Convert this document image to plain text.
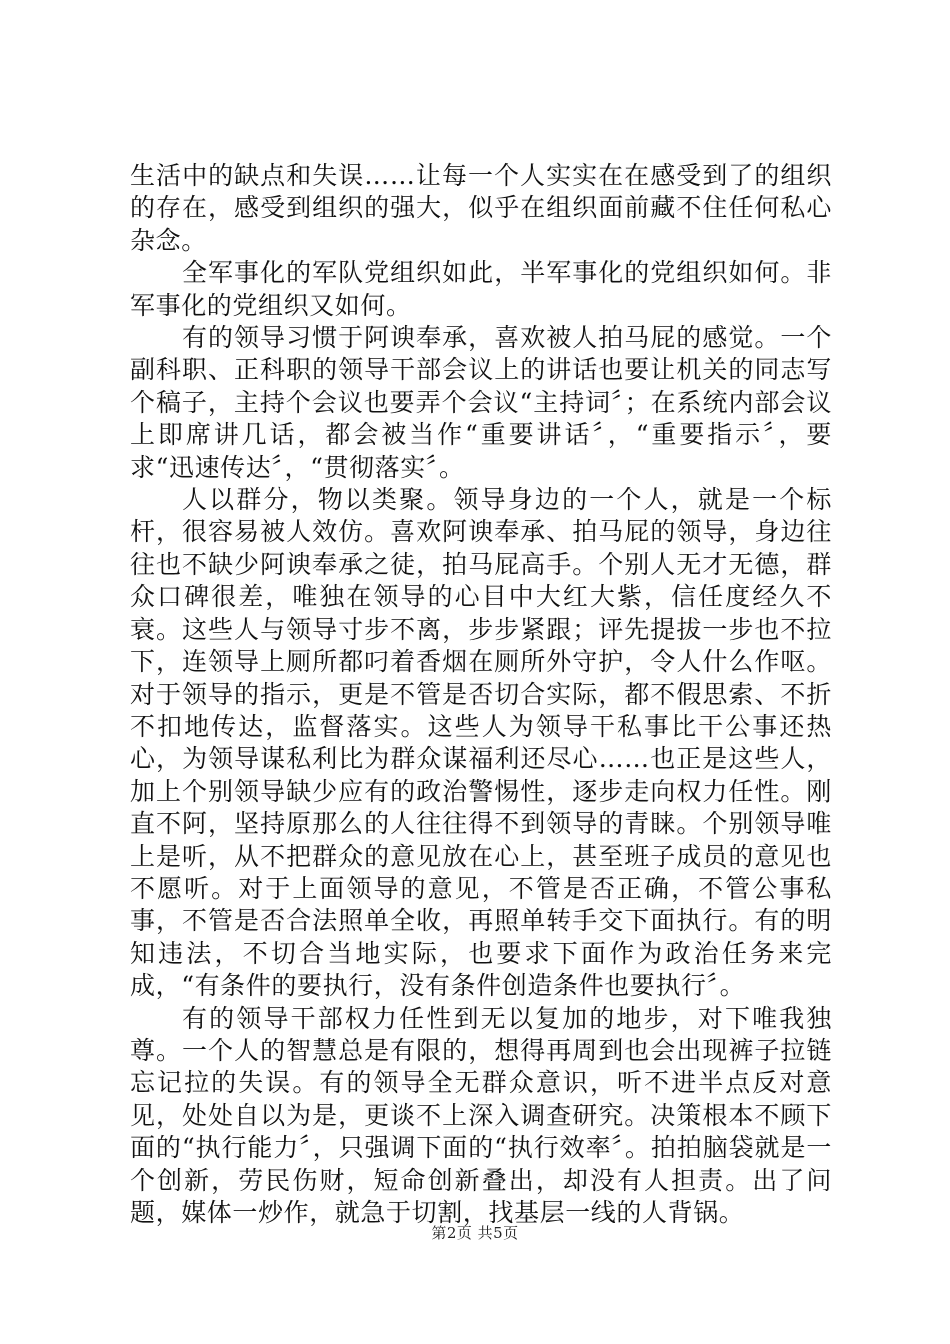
生活中的缺点和失误……让每一个人实实在在感受到了的组织的存在，感受到组织的强大，似乎在组织面前藏不住任何私心杂念。

全军事化的军队党组织如此，半军事化的党组织如何。非军事化的党组织又如何。

有的领导习惯于阿谀奉承，喜欢被人拍马屁的感觉。一个副科职、正科职的领导干部会议上的讲话也要让机关的同志写个稿子，主持个会议也要弄个会议“主持词〞；在系统内部会议上即席讲几话，都会被当作“重要讲话〞，“重要指示〞，要求“迅速传达〞，“贯彻落实〞。

人以群分，物以类聚。领导身边的一个人，就是一个标杆，很容易被人效仿。喜欢阿谀奉承、拍马屁的领导，身边往往也不缺少阿谀奉承之徒，拍马屁高手。个别人无才无德，群众口碑很差，唯独在领导的心目中大红大紫，信任度经久不衰。这些人与领导寸步不离，步步紧跟；评先提拔一步也不拉下，连领导上厕所都叼着香烟在厕所外守护，令人什么作呕。对于领导的指示，更是不管是否切合实际，都不假思索、不折不扣地传达，监督落实。这些人为领导干私事比干公事还热心，为领导谋私利比为群众谋福利还尽心……也正是这些人，加上个别领导缺少应有的政治警惕性，逐步走向权力任性。刚直不阿，坚持原那么的人往往得不到领导的青睐。个别领导唯上是听，从不把群众的意见放在心上，甚至班子成员的意见也不愿听。对于上面领导的意见，不管是否正确，不管公事私事，不管是否合法照单全收，再照单转手交下面执行。有的明知违法，不切合当地实际，也要求下面作为政治任务来完成，“有条件的要执行，没有条件创造条件也要执行〞。

有的领导干部权力任性到无以复加的地步，对下唯我独尊。一个人的智慧总是有限的，想得再周到也会出现裤子拉链忘记拉的失误。有的领导全无群众意识，听不进半点反对意见，处处自以为是，更谈不上深入调查研究。决策根本不顾下面的“执行能力〞，只强调下面的“执行效率〞。拍拍脑袋就是一个创新，劳民伤财，短命创新叠出，却没有人担责。出了问题，媒体一炒作，就急于切割，找基层一线的人背锅。

第2页 共5页
